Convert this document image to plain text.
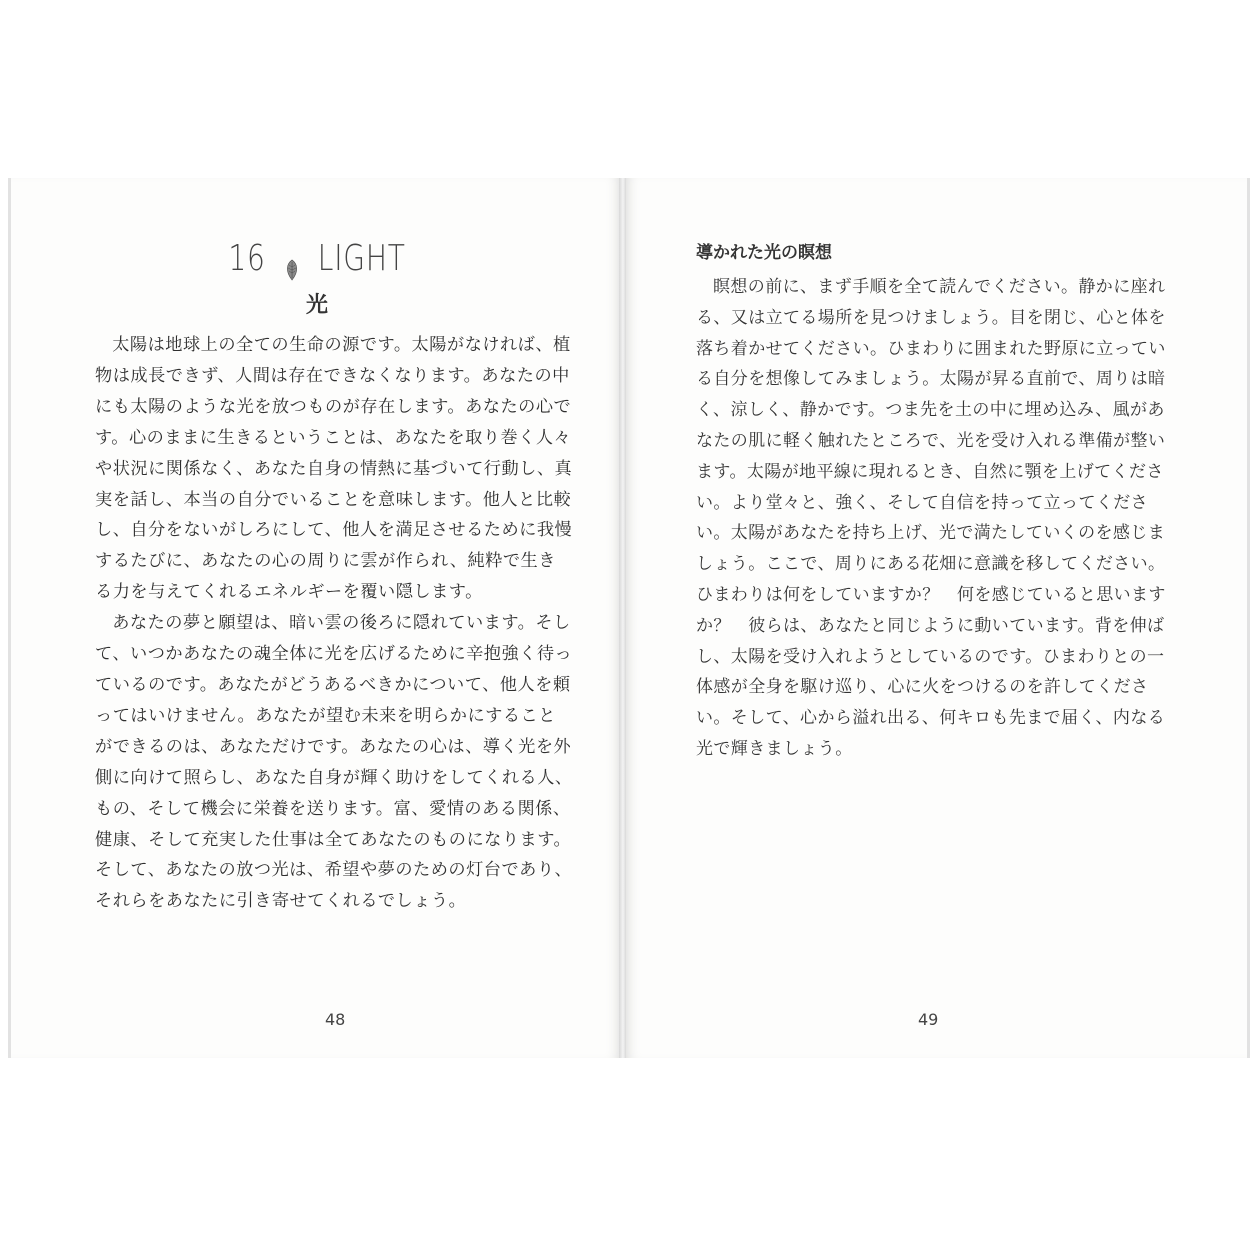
16 LIGHT
光

太陽は地球上の全ての生命の源です。太陽がなければ、植物は成長できず、人間は存在できなくなります。あなたの中にも太陽のような光を放つものが存在します。あなたの心です。心のままに生きるということは、あなたを取り巻く人々や状況に関係なく、あなた自身の情熱に基づいて行動し、真実を話し、本当の自分でいることを意味します。他人と比較し、自分をないがしろにして、他人を満足させるために我慢するたびに、あなたの心の周りに雲が作られ、純粋で生きる力を与えてくれるエネルギーを覆い隠します。

あなたの夢と願望は、暗い雲の後ろに隠れています。そして、いつかあなたの魂全体に光を広げるために辛抱強く待っているのです。あなたがどうあるべきかについて、他人を頼ってはいけません。あなたが望む未来を明らかにすることができるのは、あなただけです。あなたの心は、導く光を外側に向けて照らし、あなた自身が輝く助けをしてくれる人、もの、そして機会に栄養を送ります。富、愛情のある関係、健康、そして充実した仕事は全てあなたのものになります。そして、あなたの放つ光は、希望や夢のための灯台であり、それらをあなたに引き寄せてくれるでしょう。

48
導かれた光の瞑想

瞑想の前に、まず手順を全て読んでください。静かに座れる、又は立てる場所を見つけましょう。目を閉じ、心と体を落ち着かせてください。ひまわりに囲まれた野原に立っている自分を想像してみましょう。太陽が昇る直前で、周りは暗く、涼しく、静かです。つま先を土の中に埋め込み、風があなたの肌に軽く触れたところで、光を受け入れる準備が整います。太陽が地平線に現れるとき、自然に顎を上げてください。より堂々と、強く、そして自信を持って立ってください。太陽があなたを持ち上げ、光で満たしていくのを感じましょう。ここで、周りにある花畑に意識を移してください。ひまわりは何をしていますか？　何を感じていると思いますか？　彼らは、あなたと同じように動いています。背を伸ばし、太陽を受け入れようとしているのです。ひまわりとの一体感が全身を駆け巡り、心に火をつけるのを許してください。そして、心から溢れ出る、何キロも先まで届く、内なる光で輝きましょう。

49
